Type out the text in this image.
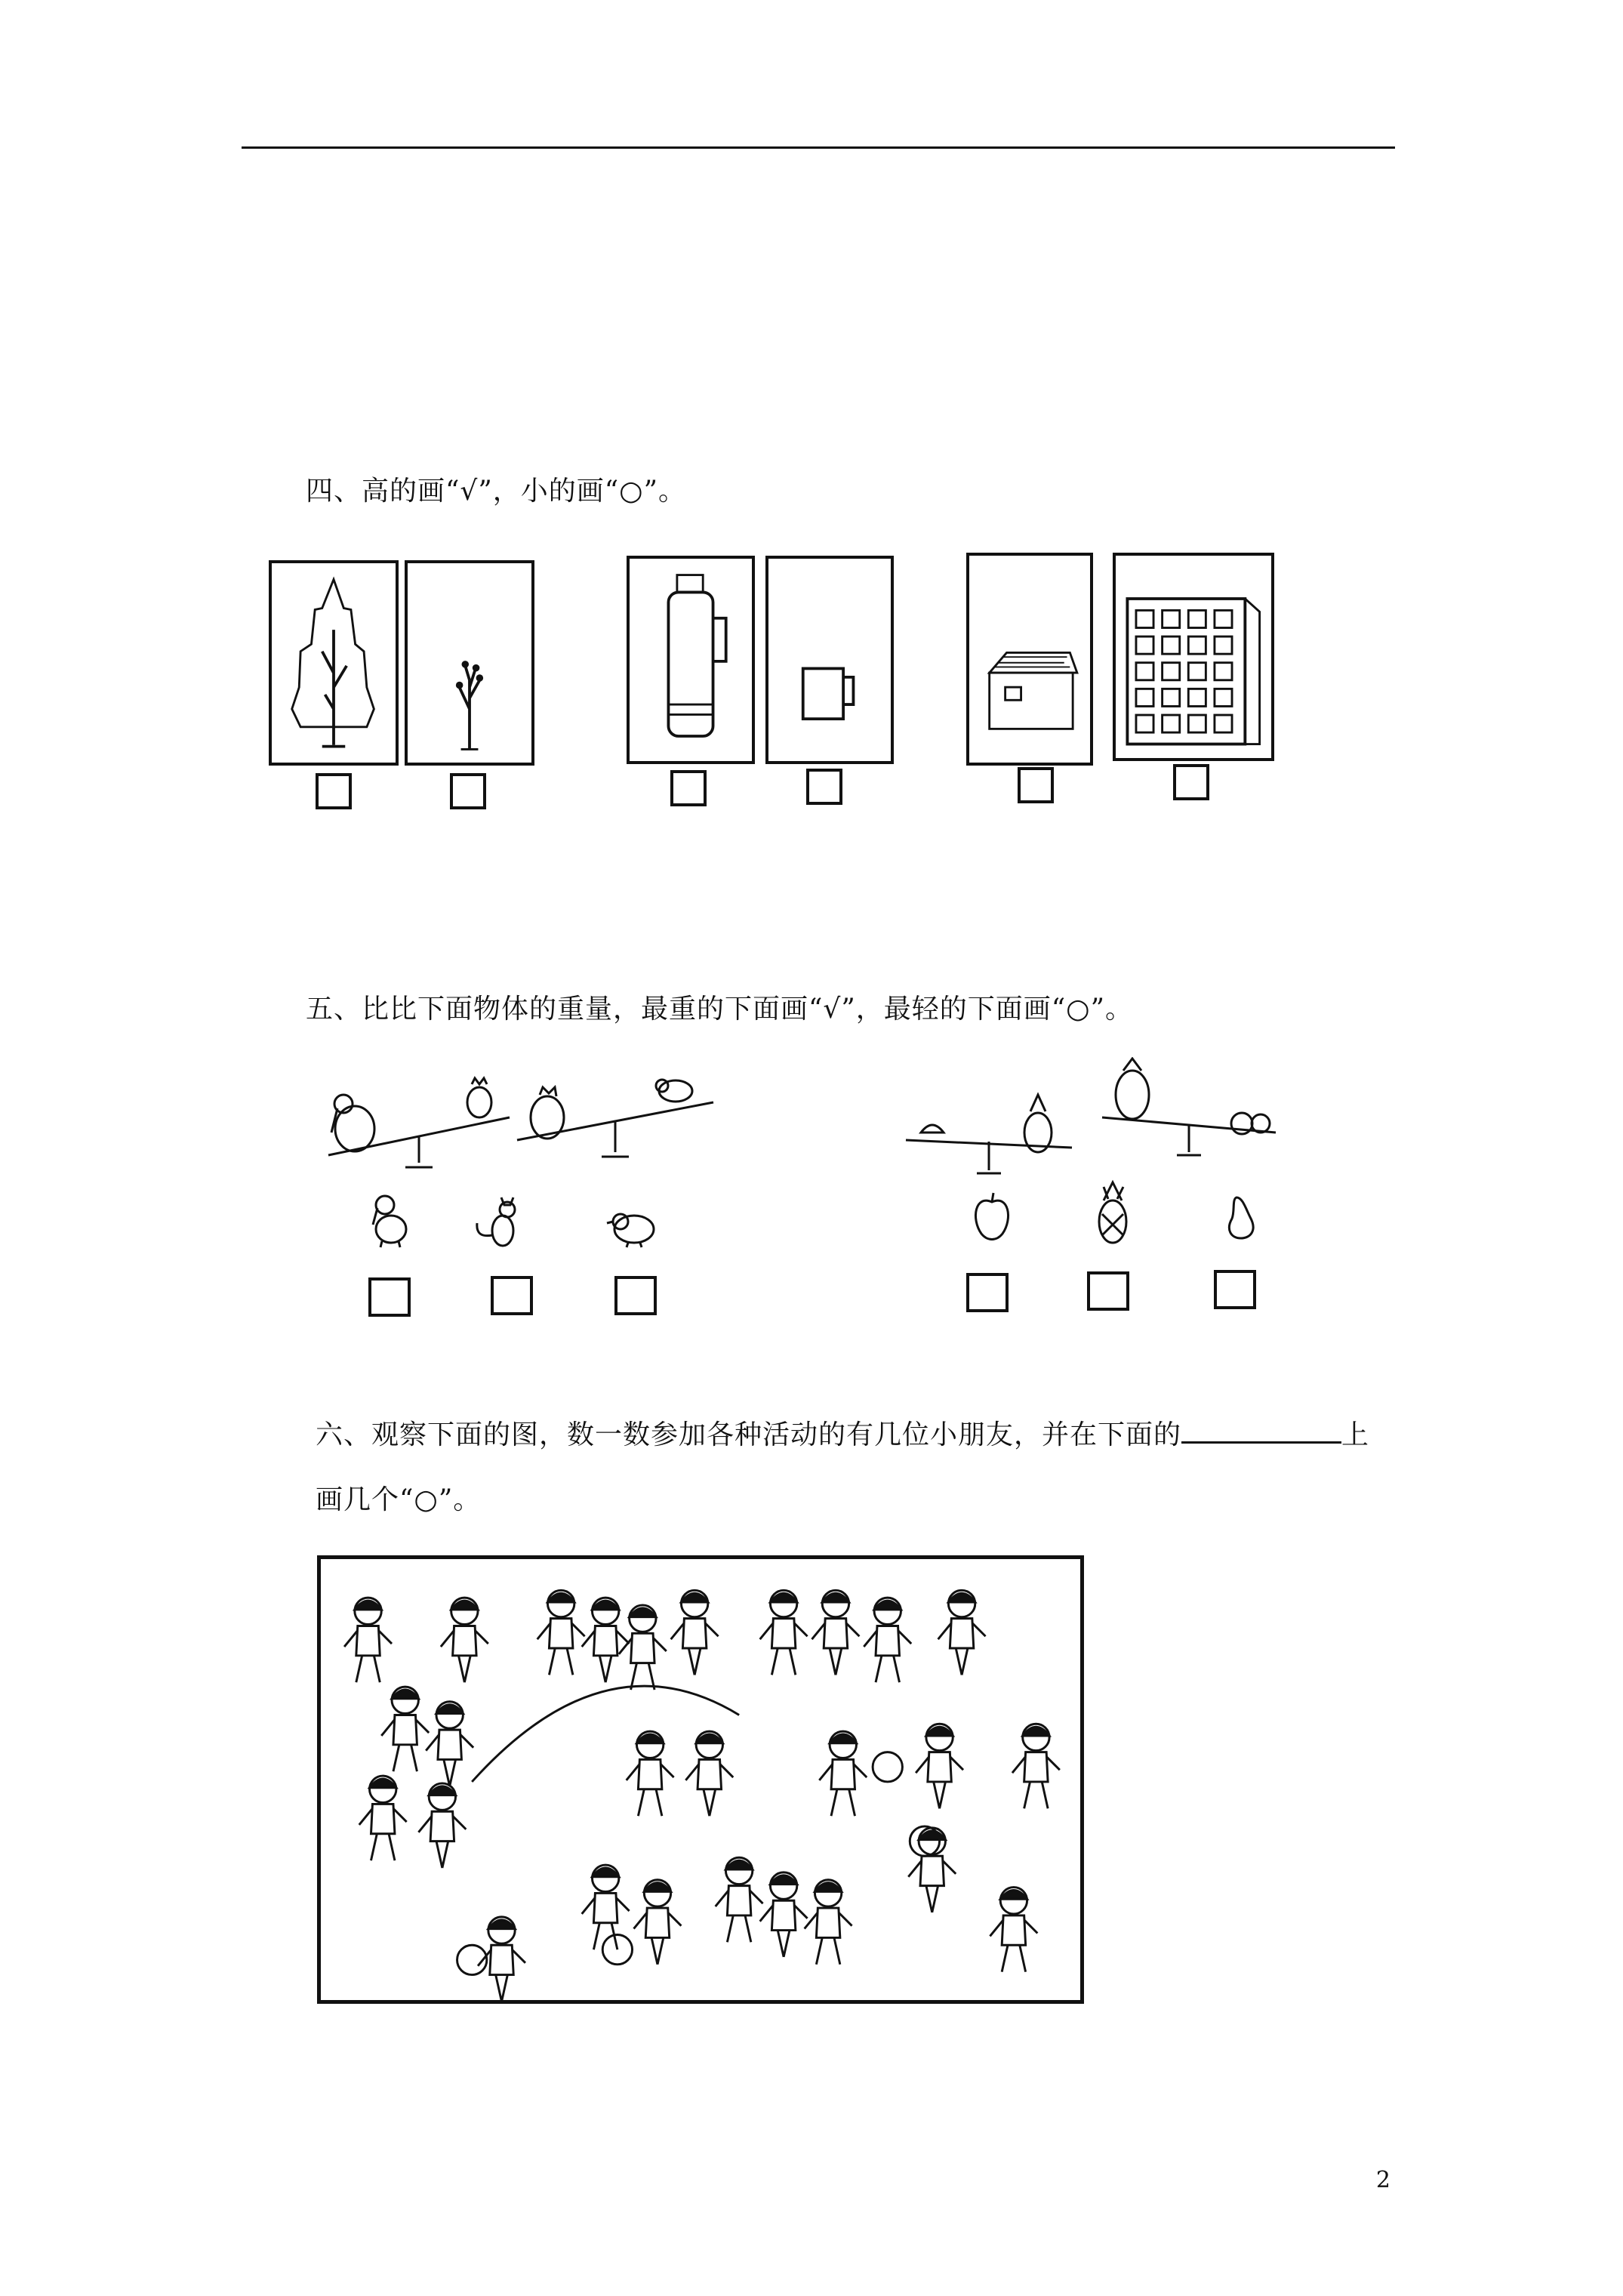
四、高的画“√”，小的画“○”。
五、比比下面物体的重量，最重的下面画“√”，最轻的下面画“○”。
六、观察下面的图，数一数参加各种活动的有几位小朋友，并在下面的	上
画几个“○”。
2
